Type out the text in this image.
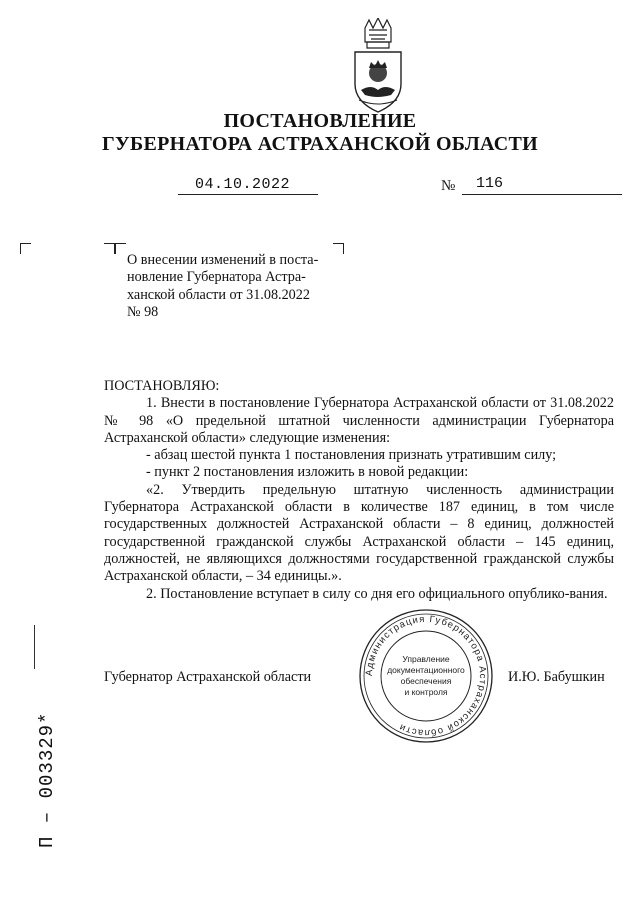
ПОСТАНОВЛЕНИЕ
ГУБЕРНАТОРА АСТРАХАНСКОЙ ОБЛАСТИ
04.10.2022	№ 116
О внесении изменений в поста-
новление Губернатора Астра-
ханской области от 31.08.2022
№ 98

ПОСТАНОВЛЯЮ:

1. Внести в постановление Губернатора Астраханской области от 31.08.2022 № 98 «О предельной штатной численности администрации Губернатора Астраханской области» следующие изменения:

- абзац шестой пункта 1 постановления признать утратившим силу;

- пункт 2 постановления изложить в новой редакции:

«2. Утвердить предельную штатную численность администрации Губернатора Астраханской области в количестве 187 единиц, в том числе государственных должностей Астраханской области – 8 единиц, должностей государственной гражданской службы Астраханской области – 145 единиц, должностей, не являющихся должностями государственной гражданской службы Астраханской области, – 34 единицы.».

2. Постановление вступает в силу со дня его официального опублико-вания.

Губернатор Астраханской области	И.Ю. Бабушкин
Администрация Губернатора Астраханской области
Управление
документационного
обеспечения
и контроля
П – 003329*
